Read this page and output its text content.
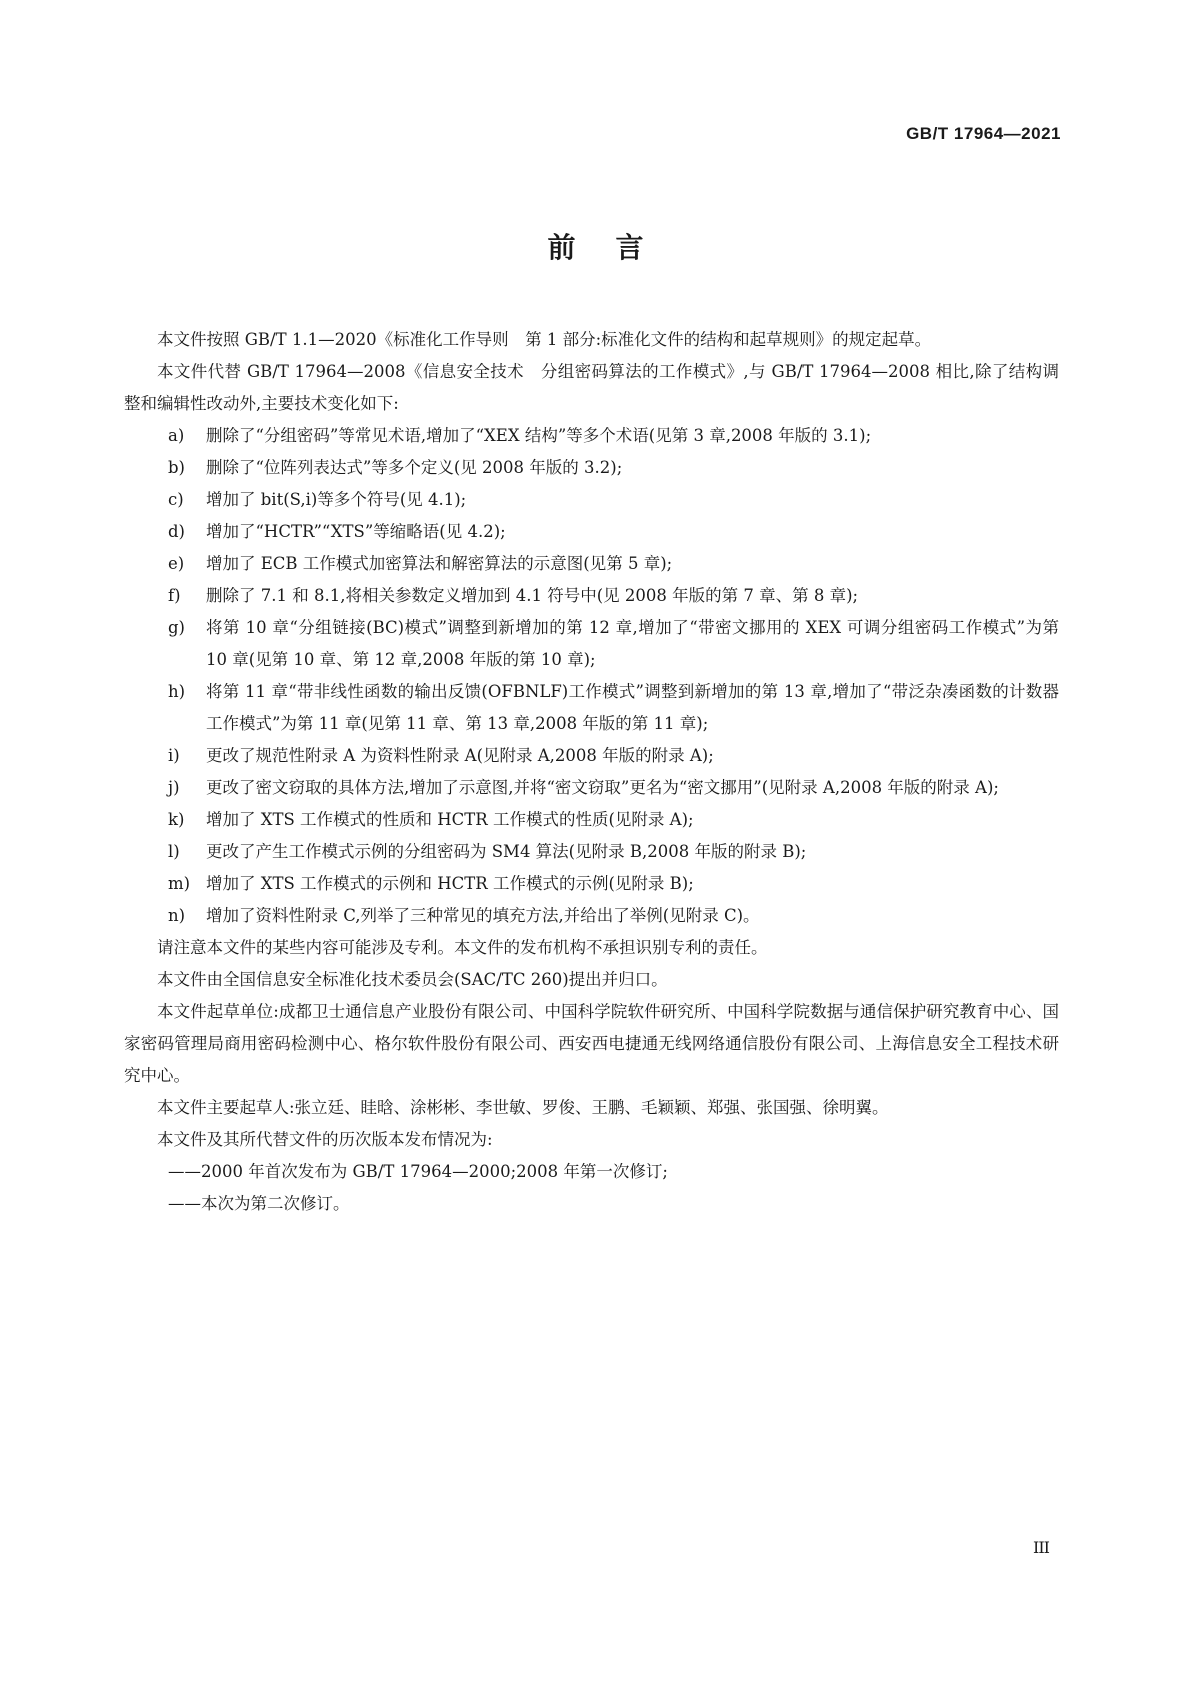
GB/T 17964—2021
前言

本文件按照 GB/T 1.1—2020《标准化工作导则　第 1 部分:标准化文件的结构和起草规则》的规定起草。

本文件代替 GB/T 17964—2008《信息安全技术　分组密码算法的工作模式》,与 GB/T 17964—2008 相比,除了结构调整和编辑性改动外,主要技术变化如下:

a)	删除了“分组密码”等常见术语,增加了“XEX 结构”等多个术语(见第 3 章,2008 年版的 3.1);
b)	删除了“位阵列表达式”等多个定义(见 2008 年版的 3.2);
c)	增加了 bit(S,i)等多个符号(见 4.1);
d)	增加了“HCTR”“XTS”等缩略语(见 4.2);
e)	增加了 ECB 工作模式加密算法和解密算法的示意图(见第 5 章);
f)	删除了 7.1 和 8.1,将相关参数定义增加到 4.1 符号中(见 2008 年版的第 7 章、第 8 章);
g)	将第 10 章“分组链接(BC)模式”调整到新增加的第 12 章,增加了“带密文挪用的 XEX 可调分组密码工作模式”为第 10 章(见第 10 章、第 12 章,2008 年版的第 10 章);
h)	将第 11 章“带非线性函数的输出反馈(OFBNLF)工作模式”调整到新增加的第 13 章,增加了“带泛杂凑函数的计数器工作模式”为第 11 章(见第 11 章、第 13 章,2008 年版的第 11 章);
i)	更改了规范性附录 A 为资料性附录 A(见附录 A,2008 年版的附录 A);
j)	更改了密文窃取的具体方法,增加了示意图,并将“密文窃取”更名为“密文挪用”(见附录 A,2008 年版的附录 A);
k)	增加了 XTS 工作模式的性质和 HCTR 工作模式的性质(见附录 A);
l)	更改了产生工作模式示例的分组密码为 SM4 算法(见附录 B,2008 年版的附录 B);
m) 增加了 XTS 工作模式的示例和 HCTR 工作模式的示例(见附录 B);
n)	增加了资料性附录 C,列举了三种常见的填充方法,并给出了举例(见附录 C)。

请注意本文件的某些内容可能涉及专利。本文件的发布机构不承担识别专利的责任。

本文件由全国信息安全标准化技术委员会(SAC/TC 260)提出并归口。

本文件起草单位:成都卫士通信息产业股份有限公司、中国科学院软件研究所、中国科学院数据与通信保护研究教育中心、国家密码管理局商用密码检测中心、格尔软件股份有限公司、西安西电捷通无线网络通信股份有限公司、上海信息安全工程技术研究中心。

本文件主要起草人:张立廷、眭晗、涂彬彬、李世敏、罗俊、王鹏、毛颖颖、郑强、张国强、徐明翼。

本文件及其所代替文件的历次版本发布情况为:

——2000 年首次发布为 GB/T 17964—2000;2008 年第一次修订;

——本次为第二次修订。

III
